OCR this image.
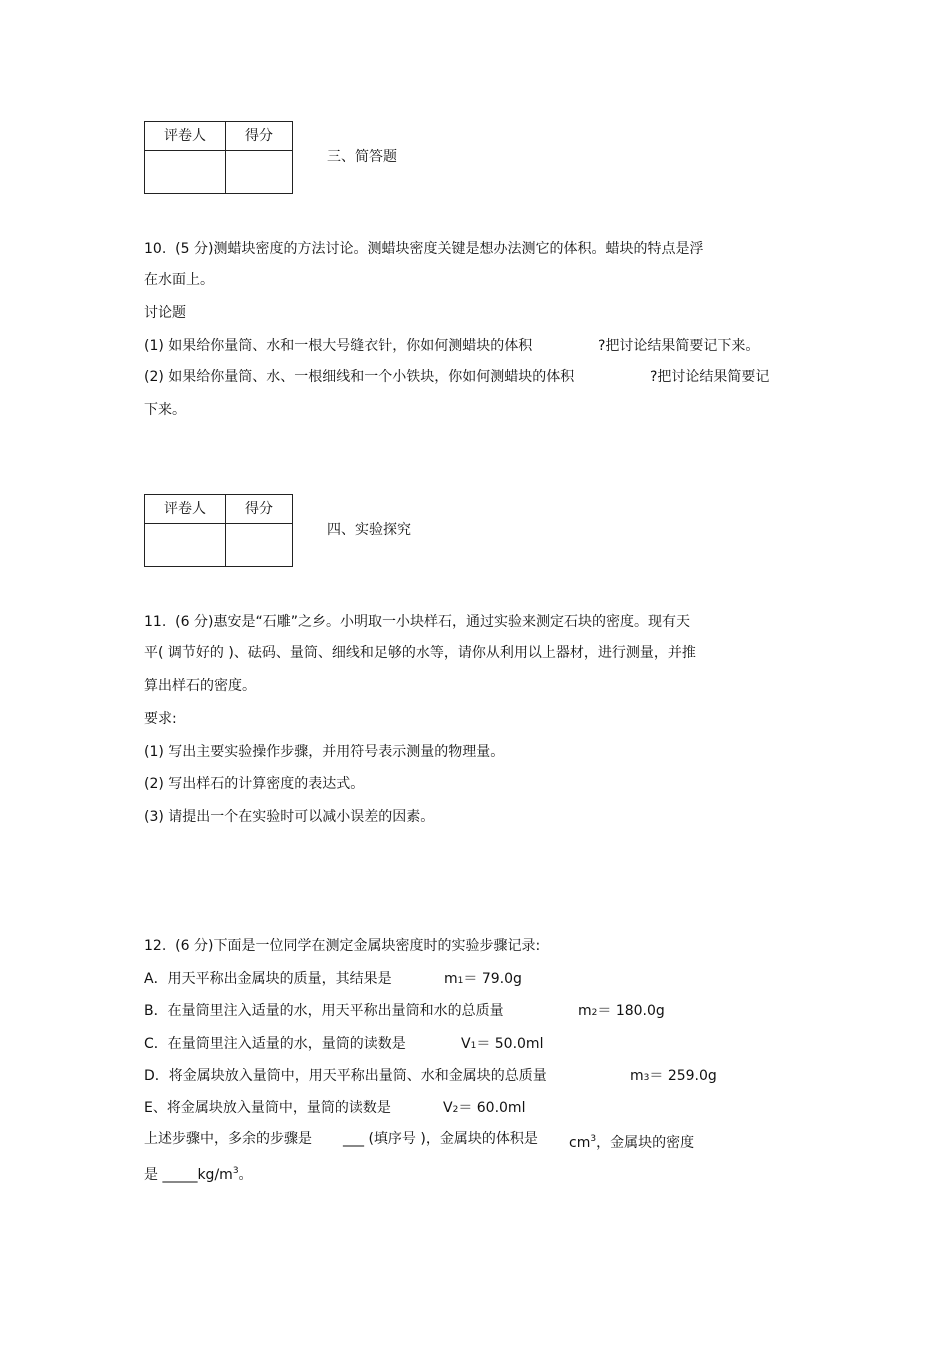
评卷人	得分
三、简答题
10.  (5 分)测蜡块密度的方法讨论。测蜡块密度关键是想办法测它的体积。蜡块的特点是浮
在水面上。
讨论题
(1) 如果给你量筒、水和一根大号缝衣针，你如何测蜡块的体积	?把讨论结果简要记下来。
(2) 如果给你量筒、水、一根细线和一个小铁块，你如何测蜡块的体积	?把讨论结果简要记
下来。
评卷人	得分
四、实验探究
11.  (6 分)惠安是“石雕”之乡。小明取一小块样石，通过实验来测定石块的密度。现有天
平( 调节好的 )、砝码、量筒、细线和足够的水等，请你从利用以上器材，进行测量，并推
算出样石的密度。
要求:
(1) 写出主要实验操作步骤，并用符号表示测量的物理量。
(2) 写出样石的计算密度的表达式。
(3) 请提出一个在实验时可以减小误差的因素。
12.  (6 分)下面是一位同学在测定金属块密度时的实验步骤记录:
A．用天平称出金属块的质量，其结果是	m1＝ 79.0g
B．在量筒里注入适量的水，用天平称出量筒和水的总质量	m2＝ 180.0g
C．在量筒里注入适量的水，量筒的读数是	V1＝ 50.0ml
D．将金属块放入量筒中，用天平称出量筒、水和金属块的总质量	m3＝ 259.0g
E、将金属块放入量筒中，量筒的读数是	V2＝ 60.0ml
上述步骤中，多余的步骤是 ___ (填序号 )，金属块的体积是 $cm^3$，金属块的密度
是 $\_\_\_\_\_kg/m^3$。
